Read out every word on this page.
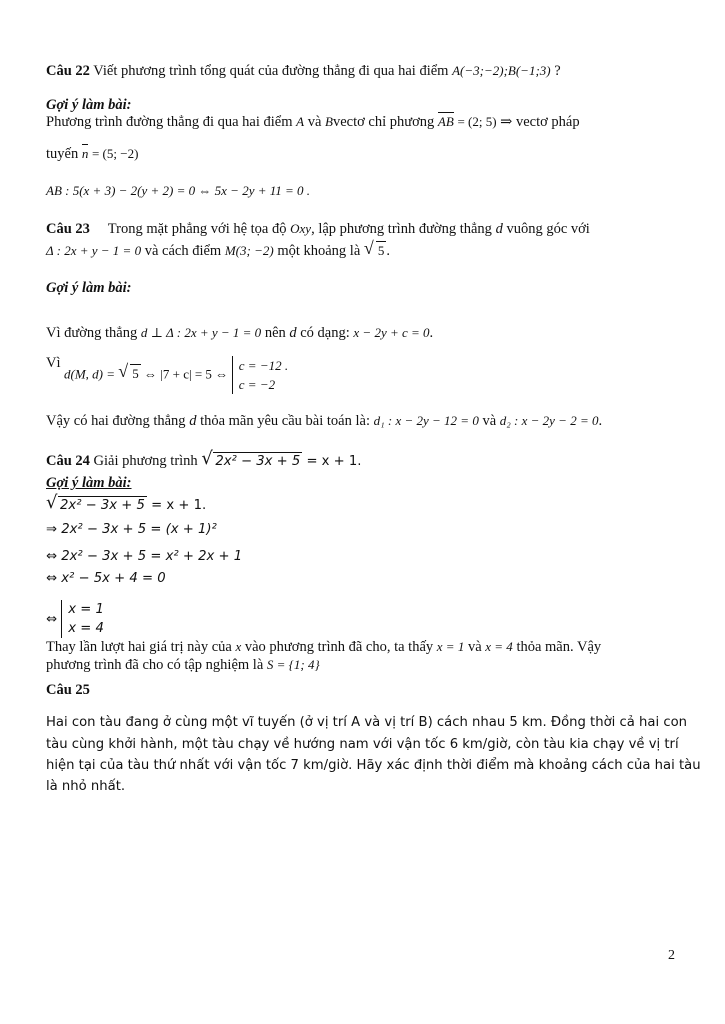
Câu 22 Viết phương trình tổng quát của đường thẳng đi qua hai điểm A(−3;−2);B(−1;3) ?
Gợi ý làm bài:
Phương trình đường thẳng đi qua hai điểm A và Bvectơ chỉ phương AB = (2; 5) ⇒ vectơ pháp
tuyến n = (5; −2)
AB : 5(x + 3) − 2(y + 2) = 0 ⇔ 5x − 2y + 11 = 0 .
Câu 23 Trong mặt phẳng với hệ tọa độ Oxy, lập phương trình đường thẳng d vuông góc với
Δ : 2x + y − 1 = 0 và cách điểm M(3; −2) một khoảng là √ 5 .
Gợi ý làm bài:
Vì đường thẳng d ⊥ Δ : 2x + y − 1 = 0 nên d có dạng: x − 2y + c = 0.
Vì
d(M, d) = √ 5 ⇔ |7 + c| = 5 ⇔ c = −12 .
c = −2
Vậy có hai đường thẳng d thỏa mãn yêu cầu bài toán là: d₁ : x − 2y − 12 = 0 và d₂ : x − 2y − 2 = 0.
Câu 24 Giải phương trình √ 2x² − 3x + 5 = x + 1.
Gợi ý làm bài:
√ 2x² − 3x + 5 = x + 1.
⇒ 2x² − 3x + 5 = (x + 1)²
⇔ 2x² − 3x + 5 = x² + 2x + 1
⇔ x² − 5x + 4 = 0
⇔ x = 1
x = 4
Thay lần lượt hai giá trị này của x vào phương trình đã cho, ta thấy x = 1 và x = 4 thỏa mãn. Vậy
phương trình đã cho có tập nghiệm là S = {1; 4}
Câu 25
Hai con tàu đang ở cùng một vĩ tuyến (ở vị trí A và vị trí B) cách nhau 5 km. Đồng thời cả hai con
tàu cùng khởi hành, một tàu chạy về hướng nam với vận tốc 6 km/giờ, còn tàu kia chạy về vị trí
hiện tại của tàu thứ nhất với vận tốc 7 km/giờ. Hãy xác định thời điểm mà khoảng cách của hai tàu
là nhỏ nhất.
2
